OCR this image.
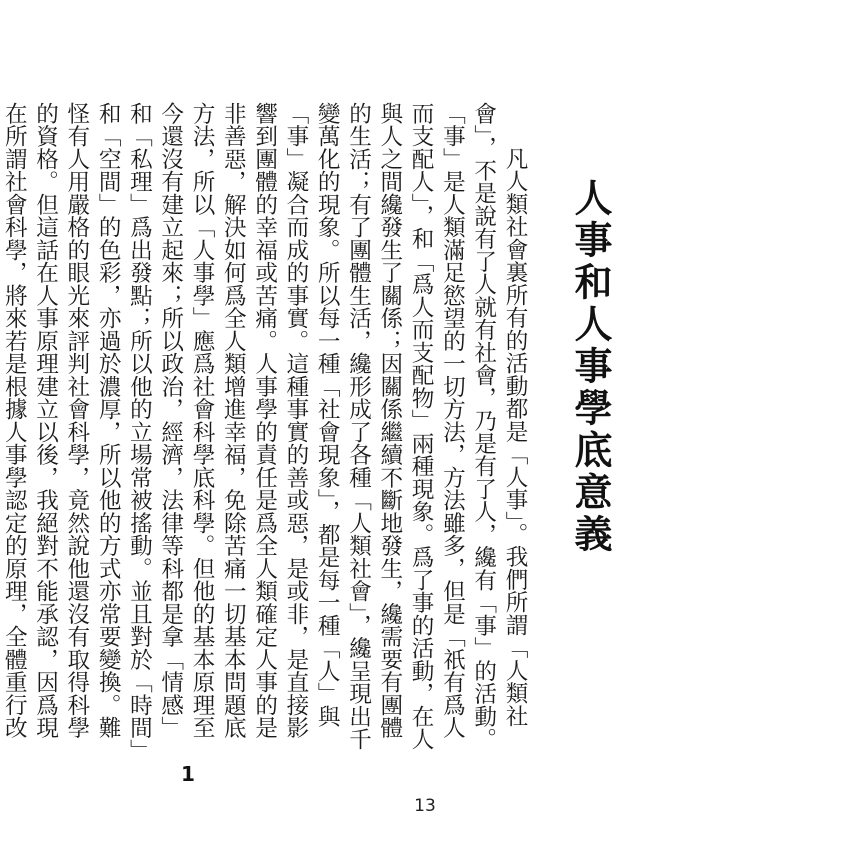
人事和人事學底意義

凡人類社會裏所有的活動都是「人事」。我們所謂「人類社會」，不是說有了人就有社會，乃是有了人，纔有「事」的活動。「事」是人類滿足慾望的一切方法，方法雖多，但是「祇有爲人而支配人」，和「爲人而支配物」兩種現象。爲了事的活動，在人與人之間纔發生了關係；因關係繼續不斷地發生，纔需要有團體的生活；有了團體生活，纔形成了各種「人類社會」，纔呈現出千變萬化的現象。所以每一種「社會現象」，都是每一種「人」與「事」凝合而成的事實。這種事實的善或惡，是或非，是直接影響到團體的幸福或苦痛。人事學的責任是爲全人類確定人事的是非善惡，解決如何爲全人類增進幸福，免除苦痛一切基本問題底方法，所以「人事學」應爲社會科學底科學。但他的基本原理至今還沒有建立起來；所以政治，經濟，法律等科都是拿「情感」和「私理」爲出發點；所以他的立場常被搖動。並且對於「時間」和「空間」的色彩，亦過於濃厚，所以他的方式亦常要變換。難怪有人用嚴格的眼光來評判社會科學，竟然說他還沒有取得科學的資格。但這話在人事原理建立以後，我絕對不能承認，因爲現在所謂社會科學，將來若是根據人事學認定的原理，全體重行改

1
13
